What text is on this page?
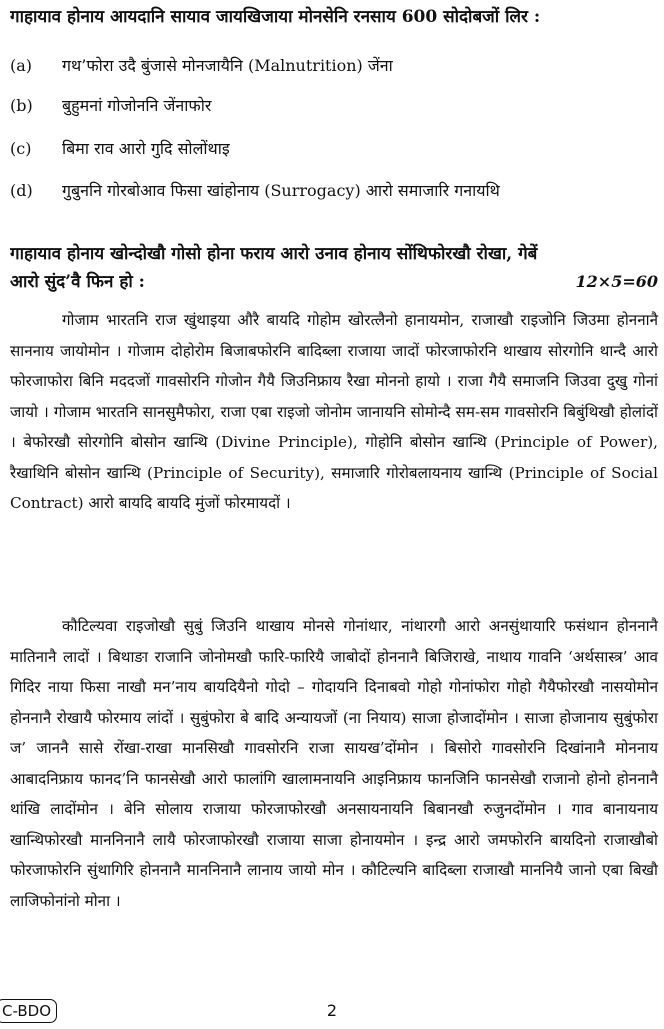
गाहायाव होनाय आयदानि सायाव जायखिजाया मोनसेनि रनसाय 600 सोदोबजों लिर :
(a) गथ’फोरा उदै बुंजासे मोनजायैनि (Malnutrition) जेंना
(b) बुहुमनां गोजोननि जेंनाफोर
(c) बिमा राव आरो गुदि सोलोंथाइ
(d) गुबुननि गोरबोआव फिसा खांहोनाय (Surrogacy) आरो समाजारि गनायथि
गाहायाव होनाय खोन्दोखौ गोसो होना फराय आरो उनाव होनाय सोंथिफोरखौ रोखा, गेबें
आरो सुंद’वै फिन हो :	12×5=60

गोजाम भारतनि राज खुंथाइया औरै बायदि गोहोम खोरत्लैनो हानायमोन, राजाखौ राइजोनि जिउमा होननानै साननाय जायोमोन । गोजाम दोहोरोम बिजाबफोरनि बादिब्ला राजाया जादों फोरजाफोरनि थाखाय सोरगोनि थान्दै आरो फोरजाफोरा बिनि मददजों गावसोरनि गोजोन गैयै जिउनिफ्राय रैखा मोननो हायो । राजा गैयै समाजनि जिउवा दुखु गोनां जायो । गोजाम भारतनि सानसुमैफोरा, राजा एबा राइजो जोनोम जानायनि सोमोन्दै सम-सम गावसोरनि बिबुंथिखौ होलांदों । बेफोरखौ सोरगोनि बोसोन खान्थि (Divine Principle), गोहोनि बोसोन खान्थि (Principle of Power), रैखाथिनि बोसोन खान्थि (Principle of Security), समाजारि गोरोबलायनाय खान्थि (Principle of Social Contract) आरो बायदि बायदि मुंजों फोरमायदों ।

कौटिल्यवा राइजोखौ सुबुं जिउनि थाखाय मोनसे गोनांथार, नांथारगौ आरो अनसुंथायारि फसंथान होननानै मातिनानै लादों । बिथाङा राजानि जोनोमखौ फारि-फारियै जाबोदों होननानै बिजिराखे, नाथाय गावनि ‘अर्थसास्त्र’ आव गिदिर नाया फिसा नाखौ मन’नाय बायदियैनो गोदो – गोदायनि दिनाबवो गोहो गोनांफोरा गोहो गैयैफोरखौ नासयोमोन होननानै रोखायै फोरमाय लांदों । सुबुंफोरा बे बादि अन्यायजों (ना नियाय) साजा होजादोंमोन । साजा होजानाय सुबुंफोरा ज’ जाननै सासे रोंखा-राखा मानसिखौ गावसोरनि राजा सायख’दोंमोन । बिसोरो गावसोरनि दिखांनानै मोननाय आबादनिफ्राय फानद’नि फानसेखौ आरो फालांगि खालामनायनि आइनिफ्राय फानजिनि फानसेखौ राजानो होनो होननानै थांखि लादोंमोन । बेनि सोलाय राजाया फोरजाफोरखौ अनसायनायनि बिबानखौ रुजुनदोंमोन । गाव बानायनाय खान्थिफोरखौ माननिनानै लायै फोरजाफोरखौ राजाया साजा होनायमोन । इन्द्र आरो जमफोरनि बायदिनो राजाखौबो फोरजाफोरनि सुंथागिरि होननानै माननिनानै लानाय जायो मोन । कौटिल्यनि बादिब्ला राजाखौ माननियै जानो एबा बिखौ लाजिफोनांनो मोना ।

C-BDO	2
